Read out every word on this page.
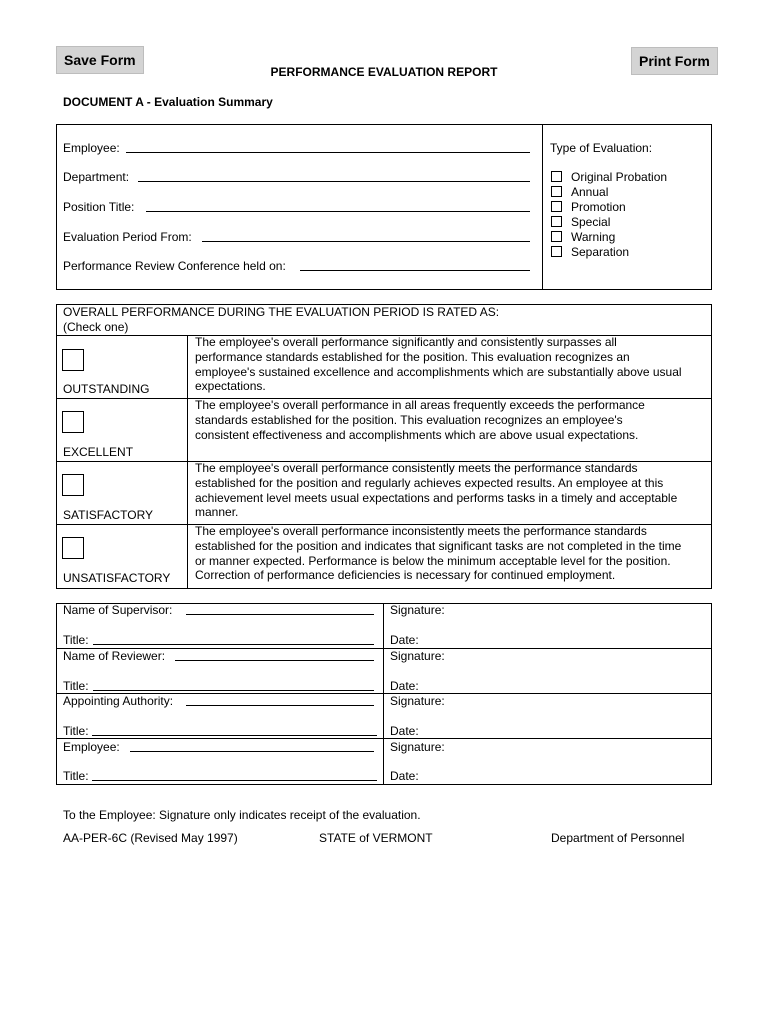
Save Form	Print Form
PERFORMANCE EVALUATION REPORT
DOCUMENT A - Evaluation Summary
Employee:
Department:
Position Title:
Evaluation Period From:
Performance Review Conference held on:
Type of Evaluation:
Original Probation
Annual
Promotion
Special
Warning
Separation
OVERALL PERFORMANCE DURING THE EVALUATION PERIOD IS RATED AS:
(Check one)
OUTSTANDING
The employee's overall performance significantly and consistently surpasses all
performance standards established for the position. This evaluation recognizes an
employee's sustained excellence and accomplishments which are substantially above usual
expectations.
EXCELLENT
The employee's overall performance in all areas frequently exceeds the performance
standards established for the position. This evaluation recognizes an employee's
consistent effectiveness and accomplishments which are above usual expectations.
SATISFACTORY
The employee's overall performance consistently meets the performance standards
established for the position and regularly achieves expected results. An employee at this
achievement level meets usual expectations and performs tasks in a timely and acceptable
manner.
UNSATISFACTORY
The employee's overall performance inconsistently meets the performance standards
established for the position and indicates that significant tasks are not completed in the time
or manner expected. Performance is below the minimum acceptable level for the position.
Correction of performance deficiencies is necessary for continued employment.
Name of Supervisor:
Title:
Signature:
Date:
Name of Reviewer:
Title:
Signature:
Date:
Appointing Authority:
Title:
Signature:
Date:
Employee:
Title:
Signature:
Date:
To the Employee: Signature only indicates receipt of the evaluation.
AA-PER-6C (Revised May 1997)	STATE of VERMONT	Department of Personnel
